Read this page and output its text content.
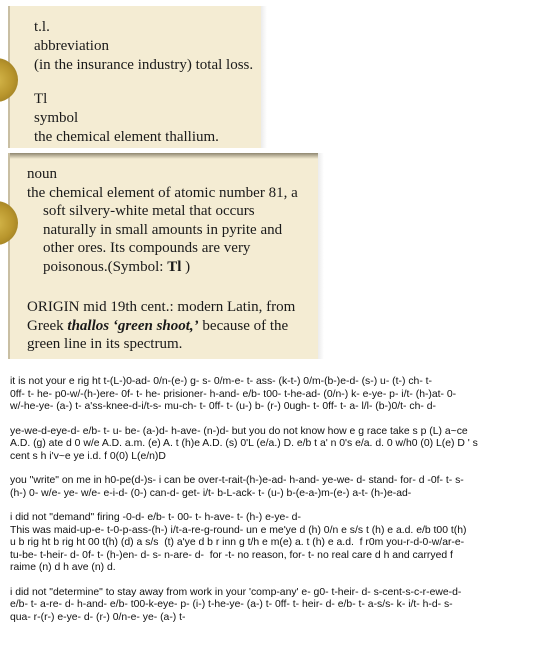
t.l.
abbreviation
(in the insurance industry) total loss.
Tl
symbol
the chemical element thallium.
noun
the chemical element of atomic number 81, a
soft silvery-white metal that occurs
naturally in small amounts in pyrite and
other ores. Its compounds are very
poisonous.(Symbol: Tl )
ORIGIN mid 19th cent.: modern Latin, from
Greek thallos ‘green shoot,’ because of the
green line in its spectrum.

it is not your e rig ht t-(L-)0-ad- 0/n-(e-) g- s- 0/m-e- t- ass- (k-t-) 0/m-(b-)e-d- (s-) u- (t-) ch- t-
0ff- t- he- p0-w/-(h-)ere- 0f- t- he- prisioner- h-and- e/b- t00- t-he-ad- (0/n-) k- e-ye- p- i/t- (h-)at- 0-
w/-he-ye- (a-) t- a'ss-knee-d-i/t-s- mu-ch- t- 0ff- t- (u-) b- (r-) 0ugh- t- 0ff- t- a- l/l- (b-)0/t- ch- d-

ye-we-d-eye-d- e/b- t- u- be- (a-)d- h-ave- (n-)d- but you do not know how e g race take s p (L) a~ce
A.D. (g) ate d 0 w/e A.D. a.m. (e) A. t (h)e A.D. (s) 0'L (e/a.) D. e/b t a' n 0's e/a. d. 0 w/h0 (0) L(e) D ' s
cent s h i'v~e ye i.d. f 0(0) L(e/n)D

you "write" on me in h0-pe(d-)s- i can be over-t-rait-(h-)e-ad- h-and- ye-we- d- stand- for- d -0f- t- s-
(h-) 0- w/e- ye- w/e- e-i-d- (0-) can-d- get- i/t- b-L-ack- t- (u-) b-(e-a-)m-(e-) a-t- (h-)e-ad-

i did not "demand" firing -0-d- e/b- t- 00- t- h-ave- t- (h-) e-ye- d-
This was maid-up-e- t-0-p-ass-(h-) i/t-a-re-g-round- un e me'ye d (h) 0/n e s/s t (h) e a.d. e/b t00 t(h)
u b rig ht b rig ht 00 t(h) (d) a s/s  (t) a'ye d b r inn g t/h e m(e) a. t (h) e a.d.  f r0m you-r-d-0-w/ar-e-
tu-be- t-heir- d- 0f- t- (h-)en- d- s- n-are- d-  for -t- no reason, for- t- no real care d h and carryed f
raime (n) d h ave (n) d.

i did not "determine" to stay away from work in your 'comp-any' e- g0- t-heir- d- s-cent-s-c-r-ewe-d-
e/b- t- a-re- d- h-and- e/b- t00-k-eye- p- (i-) t-he-ye- (a-) t- 0ff- t- heir- d- e/b- t- a-s/s- k- i/t- h-d- s-
qua- r-(r-) e-ye- d- (r-) 0/n-e- ye- (a-) t-
